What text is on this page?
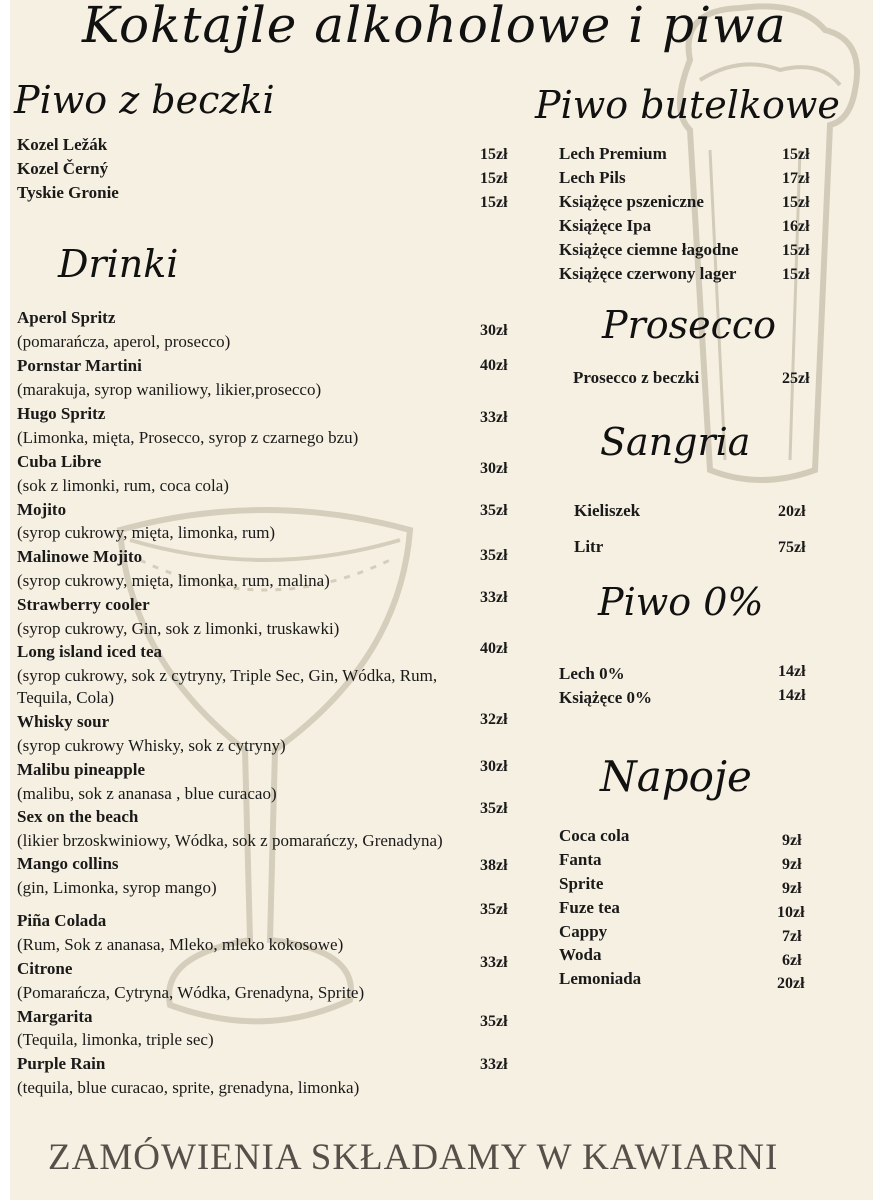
Koktajle alkoholowe i piwa
Piwo z beczki
Kozel Ležák
15zł
Kozel Černý
15zł
Tyskie Gronie
15zł
Drinki
Aperol Spritz
(pomarańcza, aperol, prosecco)
30zł
Pornstar Martini
(marakuja, syrop waniliowy, likier,prosecco)
40zł
Hugo Spritz
(Limonka, mięta, Prosecco, syrop z czarnego bzu)
33zł
Cuba Libre
(sok z limonki, rum, coca cola)
30zł
Mojito
(syrop cukrowy, mięta, limonka, rum)
35zł
Malinowe Mojito
(syrop cukrowy, mięta, limonka, rum, malina)
35zł
Strawberry cooler
(syrop cukrowy, Gin, sok z limonki, truskawki)
33zł
Long island iced tea
(syrop cukrowy, sok z cytryny, Triple Sec, Gin, Wódka, Rum,
Tequila, Cola)
40zł
Whisky sour
(syrop cukrowy Whisky, sok z cytryny)
32zł
Malibu pineapple
(malibu, sok z ananasa , blue curacao)
30zł
Sex on the beach
(likier brzoskwiniowy, Wódka, sok z pomarańczy, Grenadyna)
35zł
Mango collins
(gin, Limonka, syrop mango)
38zł
Piña Colada
(Rum, Sok z ananasa, Mleko, mleko kokosowe)
35zł
Citrone
(Pomarańcza, Cytryna, Wódka, Grenadyna, Sprite)
33zł
Margarita
(Tequila, limonka, triple sec)
35zł
Purple Rain
(tequila, blue curacao, sprite, grenadyna, limonka)
33zł
Piwo butelkowe
Lech Premium	15zł
Lech Pils	17zł
Książęce pszeniczne	15zł
Książęce Ipa	16zł
Książęce ciemne łagodne	15zł
Książęce czerwony lager	15zł
Prosecco
Prosecco z beczki	25zł
Sangria
Kieliszek	20zł
Litr	75zł
Piwo 0%
Lech 0%	14zł
Książęce 0%	14zł
Napoje
Coca cola	9zł
Fanta	9zł
Sprite	9zł
Fuze tea	10zł
Cappy	7zł
Woda	6zł
Lemoniada	20zł
ZAMÓWIENIA SKŁADAMY W KAWIARNI
